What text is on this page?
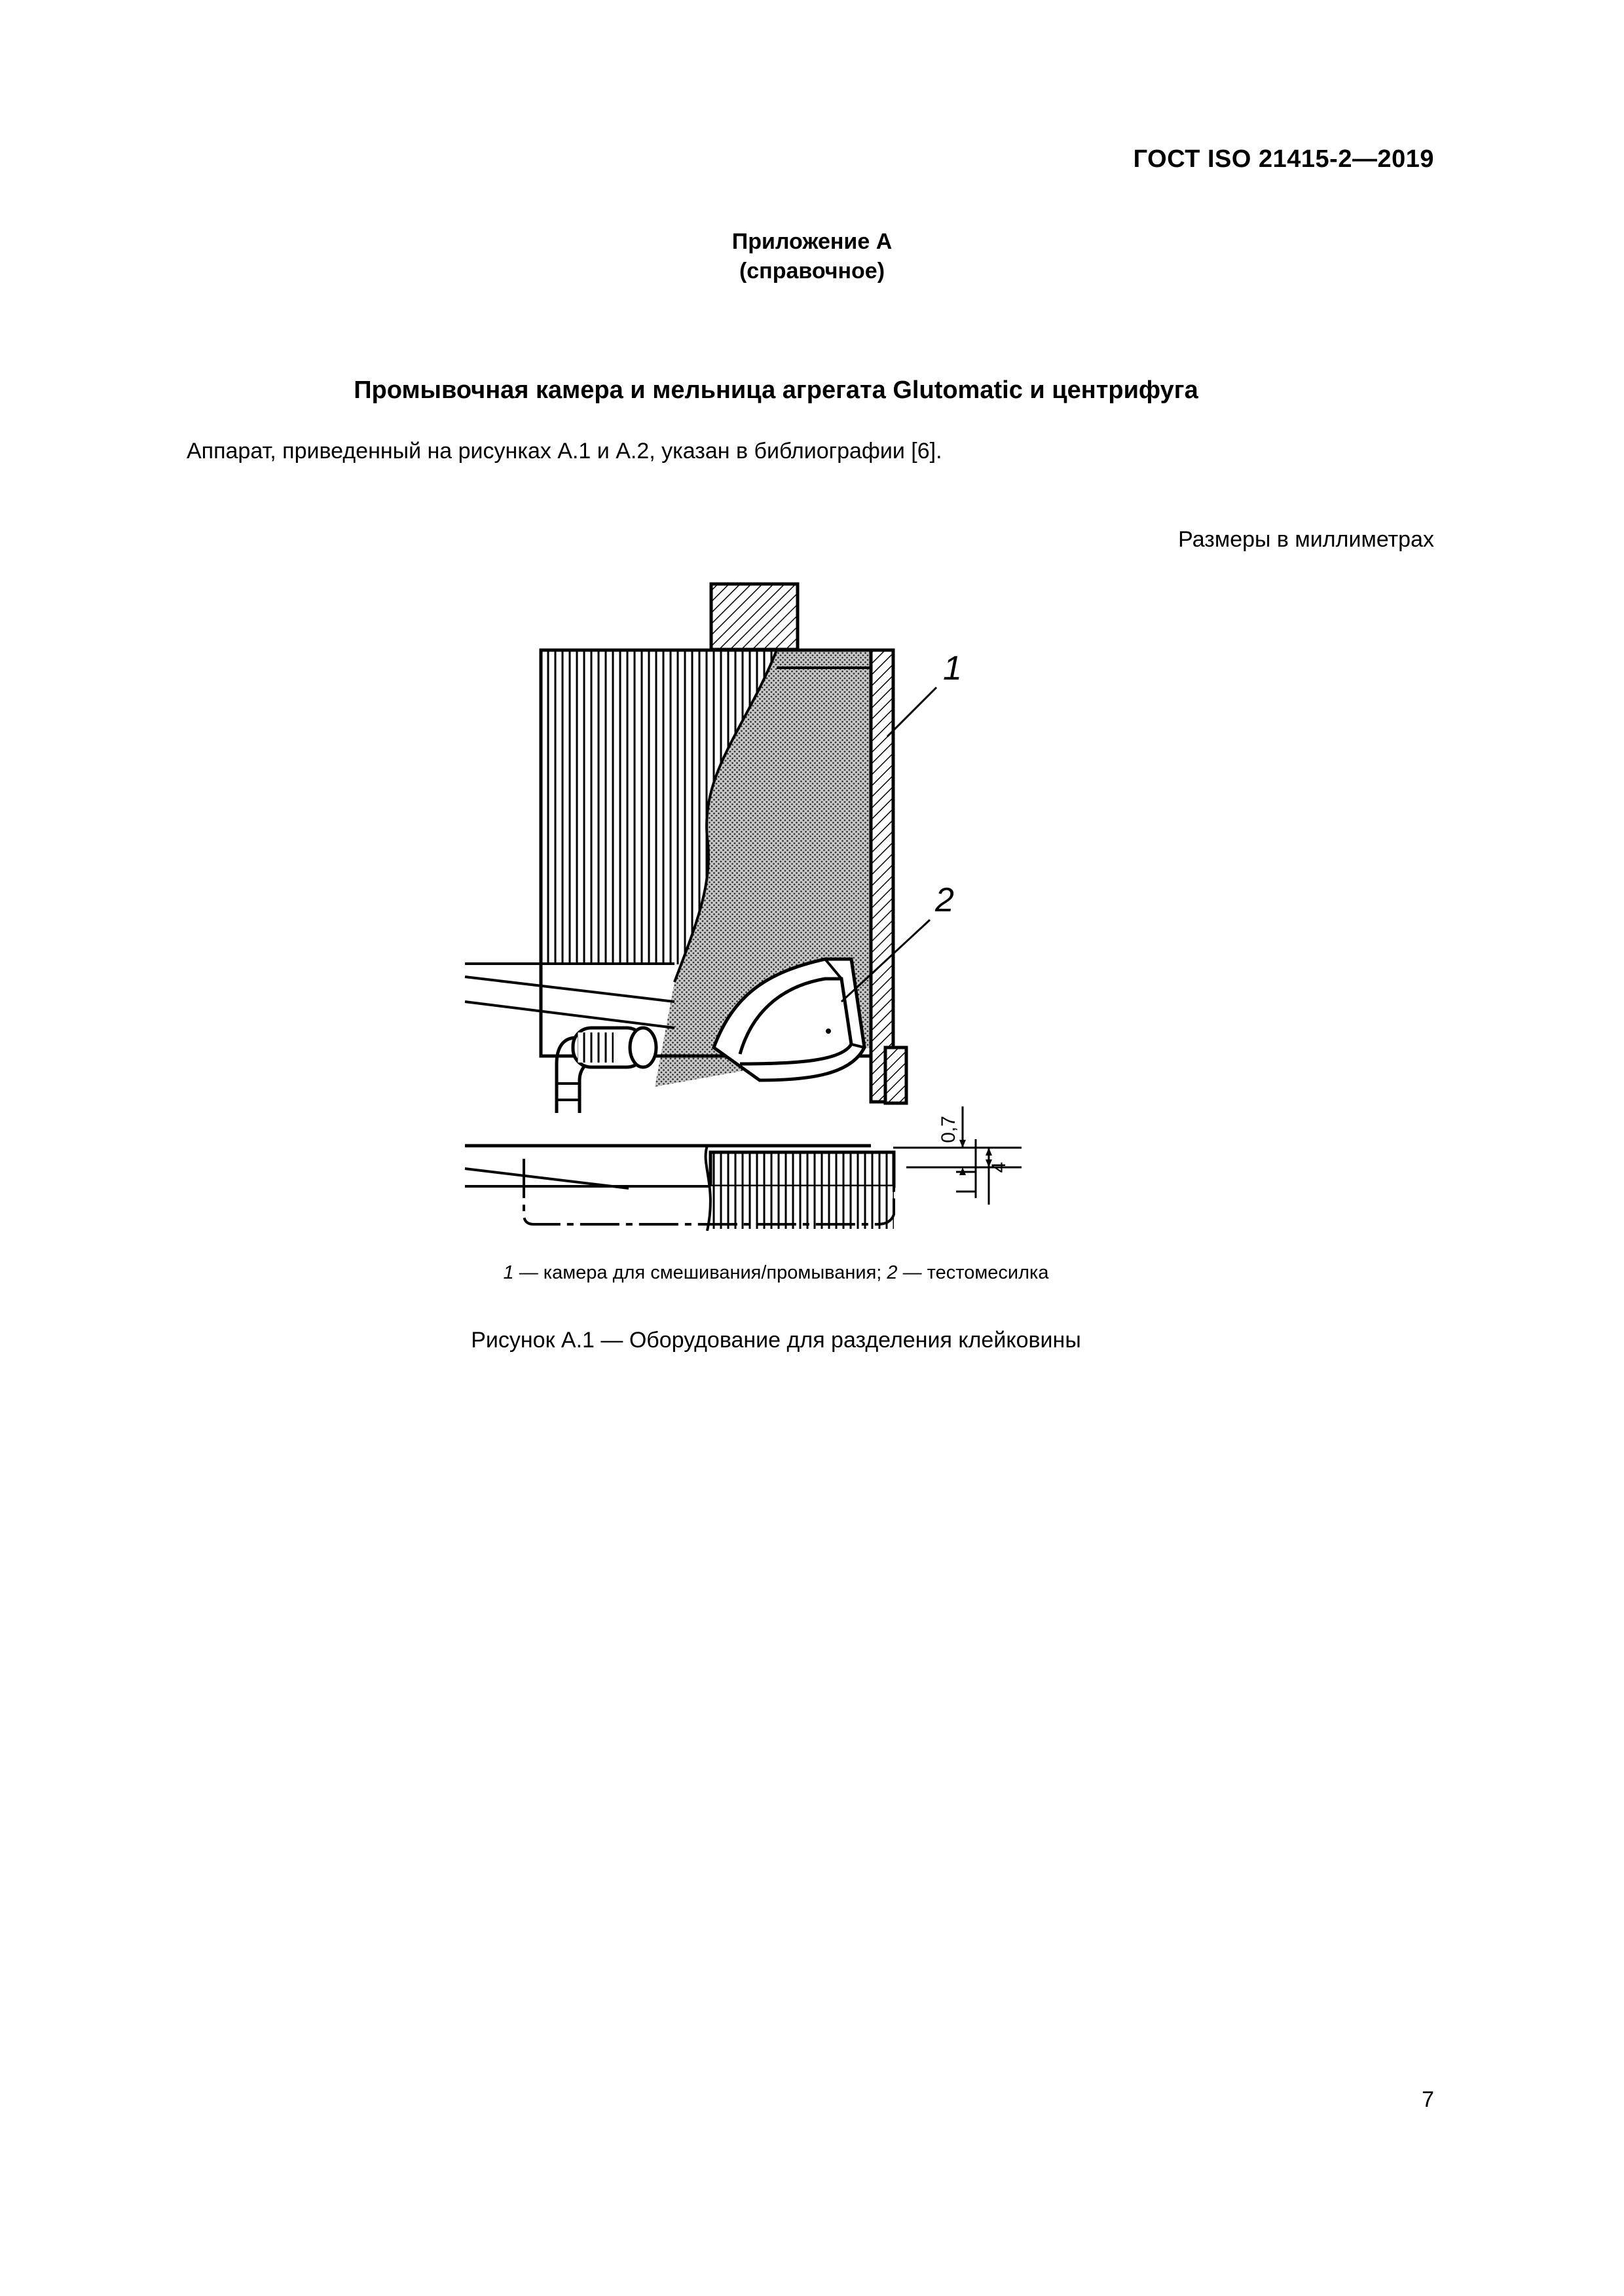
ГОСТ ISO 21415-2—2019
Приложение А
(справочное)
Промывочная камера и мельница агрегата Glutomatic и центрифуга
Аппарат, приведенный на рисунках А.1 и А.2, указан в библиографии [6].
Размеры в миллиметрах
1
2
0,7
4
1 — камера для смешивания/промывания; 2 — тестомесилка
Рисунок А.1 — Оборудование для разделения клейковины
7
